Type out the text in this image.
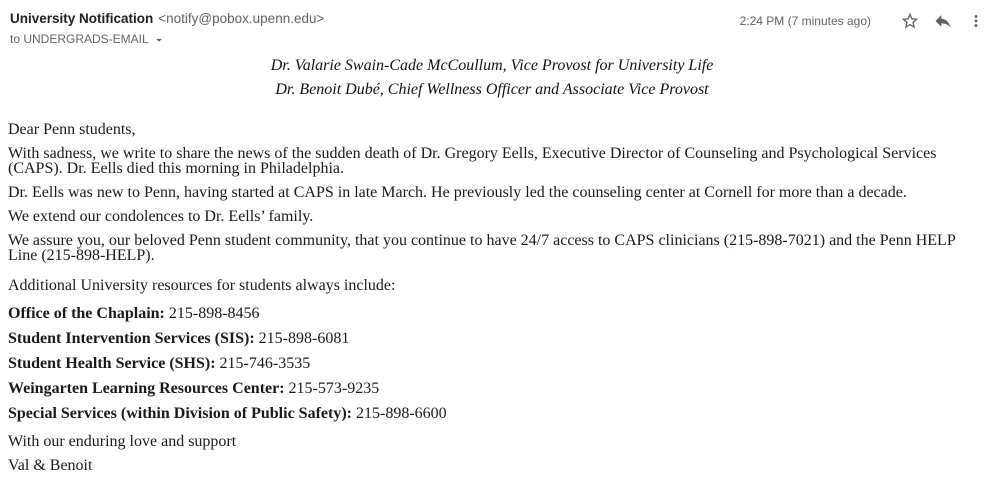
University Notification <notify@pobox.upenn.edu>
to UNDERGRADS-EMAIL
2:24 PM (7 minutes ago)

Dr. Valarie Swain-Cade McCoullum, Vice Provost for University Life

Dr. Benoit Dubé, Chief Wellness Officer and Associate Vice Provost

Dear Penn students,

With sadness, we write to share the news of the sudden death of Dr. Gregory Eells, Executive Director of Counseling and Psychological Services (CAPS). Dr. Eells died this morning in Philadelphia.

Dr. Eells was new to Penn, having started at CAPS in late March. He previously led the counseling center at Cornell for more than a decade.

We extend our condolences to Dr. Eells’ family.

We assure you, our beloved Penn student community, that you continue to have 24/7 access to CAPS clinicians (215-898-7021) and the Penn HELP Line (215-898-HELP).

Additional University resources for students always include:

Office of the Chaplain: 215-898-8456

Student Intervention Services (SIS): 215-898-6081

Student Health Service (SHS): 215-746-3535

Weingarten Learning Resources Center: 215-573-9235

Special Services (within Division of Public Safety): 215-898-6600

With our enduring love and support

Val & Benoit
